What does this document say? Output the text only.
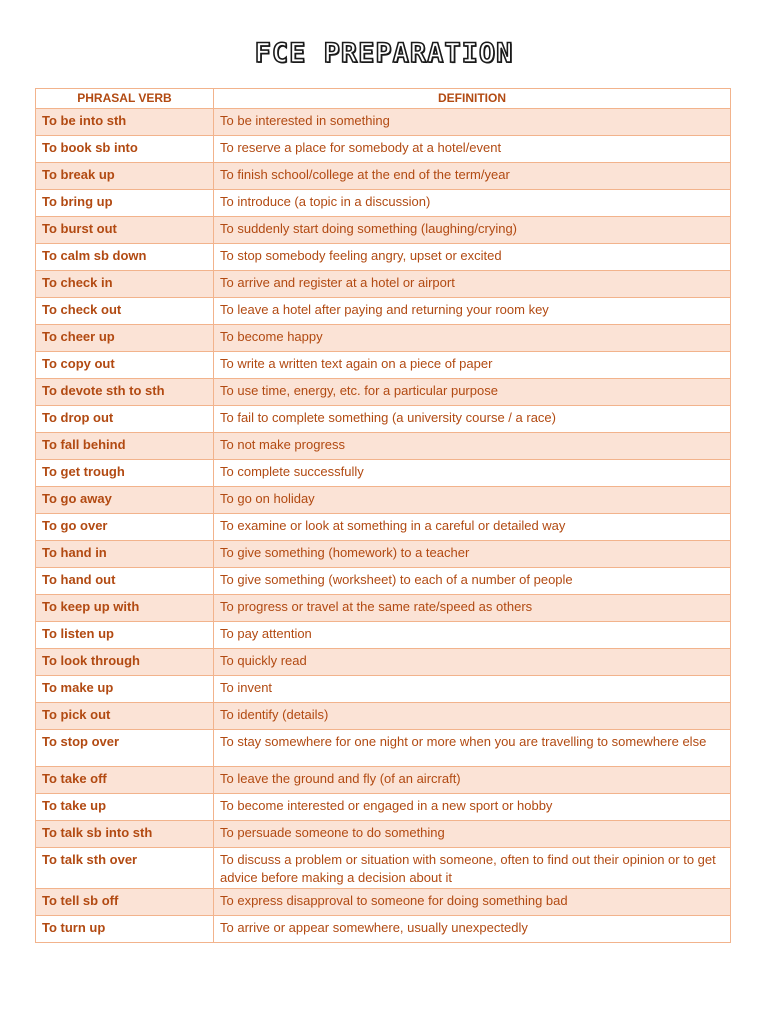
FCE PREPARATION
PHRASAL VERB	DEFINITION
To be into sth	To be interested in something
To book sb into	To reserve a place for somebody at a hotel/event
To break up	To finish school/college at the end of the term/year
To bring up	To introduce (a topic in a discussion)
To burst out	To suddenly start doing something (laughing/crying)
To calm sb down	To stop somebody feeling angry, upset or excited
To check in	To arrive and register at a hotel or airport
To check out	To leave a hotel after paying and returning your room key
To cheer up	To become happy
To copy out	To write a written text again on a piece of paper
To devote sth to sth	To use time, energy, etc. for a particular purpose
To drop out	To fail to complete something (a university course / a race)
To fall behind	To not make progress
To get trough	To complete successfully
To go away	To go on holiday
To go over	To examine or look at something in a careful or detailed way
To hand in	To give something (homework) to a teacher
To hand out	To give something (worksheet) to each of a number of people
To keep up with	To progress or travel at the same rate/speed as others
To listen up	To pay attention
To look through	To quickly read
To make up	To invent
To pick out	To identify (details)
To stop over	To stay somewhere for one night or more when you are travelling to somewhere else
To take off	To leave the ground and fly (of an aircraft)
To take up	To become interested or engaged in a new sport or hobby
To talk sb into sth	To persuade someone to do something
To talk sth over	To discuss a problem or situation with someone, often to find out their opinion or to get advice before making a decision about it
To tell sb off	To express disapproval to someone for doing something bad
To turn up	To arrive or appear somewhere, usually unexpectedly
